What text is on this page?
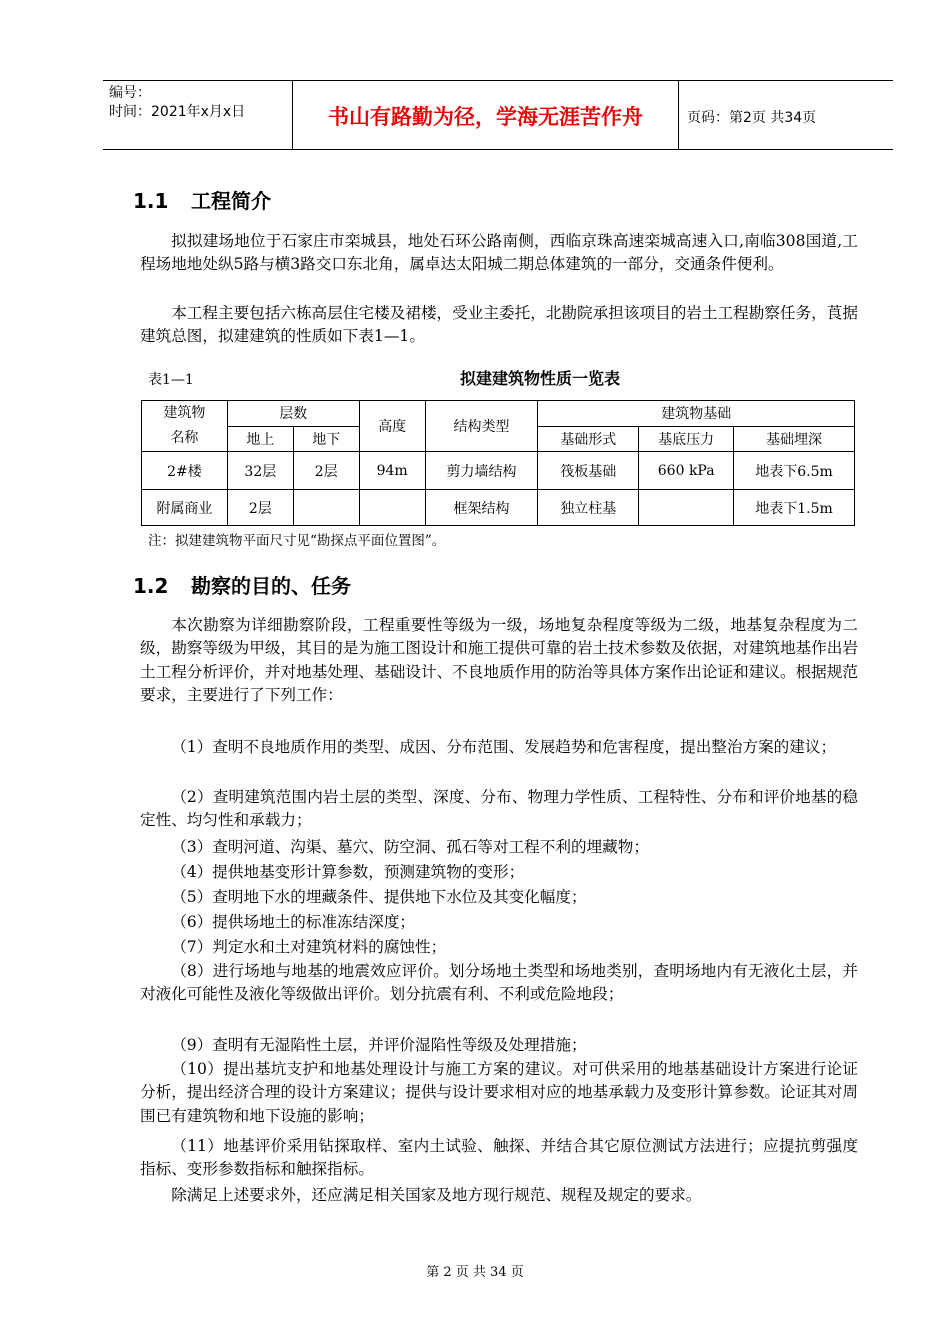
编号：
时间：2021年x月x日	书山有路勤为径，学海无涯苦作舟	页码：第2页 共34页
1.1 工程简介
拟拟建场地位于石家庄市栾城县，地处石环公路南侧，西临京珠高速栾城高速入口,南临308国道,工程场地地处纵5路与横3路交口东北角，属卓达太阳城二期总体建筑的一部分，交通条件便利。
本工程主要包括六栋高层住宅楼及裙楼，受业主委托，北勘院承担该项目的岩土工程勘察任务，莨据建筑总图，拟建建筑的性质如下表1—1。
表1—1	拟建建筑物性质一览表
建筑物
名称	层数		高度	结构类型	建筑物基础		
	地上	地下			基础形式	基底压力	基础埋深
2#楼	32层	2层	94m	剪力墙结构	筏板基础	660 kPa	地表下6.5m
附属商业	2层			框架结构	独立柱基		地表下1.5m
注：拟建建筑物平面尺寸见“勘探点平面位置图”。
1.2 勘察的目的、任务
本次勘察为详细勘察阶段，工程重要性等级为一级，场地复杂程度等级为二级，地基复杂程度为二级，勘察等级为甲级，其目的是为施工图设计和施工提供可靠的岩土技术参数及依据，对建筑地基作出岩土工程分析评价，并对地基处理、基础设计、不良地质作用的防治等具体方案作出论证和建议。根据规范要求，主要进行了下列工作：
（1）查明不良地质作用的类型、成因、分布范围、发展趋势和危害程度，提出整治方案的建议；
（2）查明建筑范围内岩土层的类型、深度、分布、物理力学性质、工程特性、分布和评价地基的稳定性、均匀性和承载力；
（3）查明河道、沟渠、墓穴、防空洞、孤石等对工程不利的埋藏物；
（4）提供地基变形计算参数，预测建筑物的变形；
（5）查明地下水的埋藏条件、提供地下水位及其变化幅度；
（6）提供场地土的标准冻结深度；
（7）判定水和土对建筑材料的腐蚀性；
（8）进行场地与地基的地震效应评价。划分场地土类型和场地类别，查明场地内有无液化土层，并对液化可能性及液化等级做出评价。划分抗震有利、不利或危险地段；
（9）查明有无湿陷性土层，并评价湿陷性等级及处理措施；
（10）提出基坑支护和地基处理设计与施工方案的建议。对可供采用的地基基础设计方案进行论证分析，提出经济合理的设计方案建议；提供与设计要求相对应的地基承载力及变形计算参数。论证其对周围已有建筑物和地下设施的影响；
（11）地基评价采用钻探取样、室内土试验、触探、并结合其它原位测试方法进行；应提抗剪强度指标、变形参数指标和触探指标。
除满足上述要求外，还应满足相关国家及地方现行规范、规程及规定的要求。
第 2 页 共 34 页
